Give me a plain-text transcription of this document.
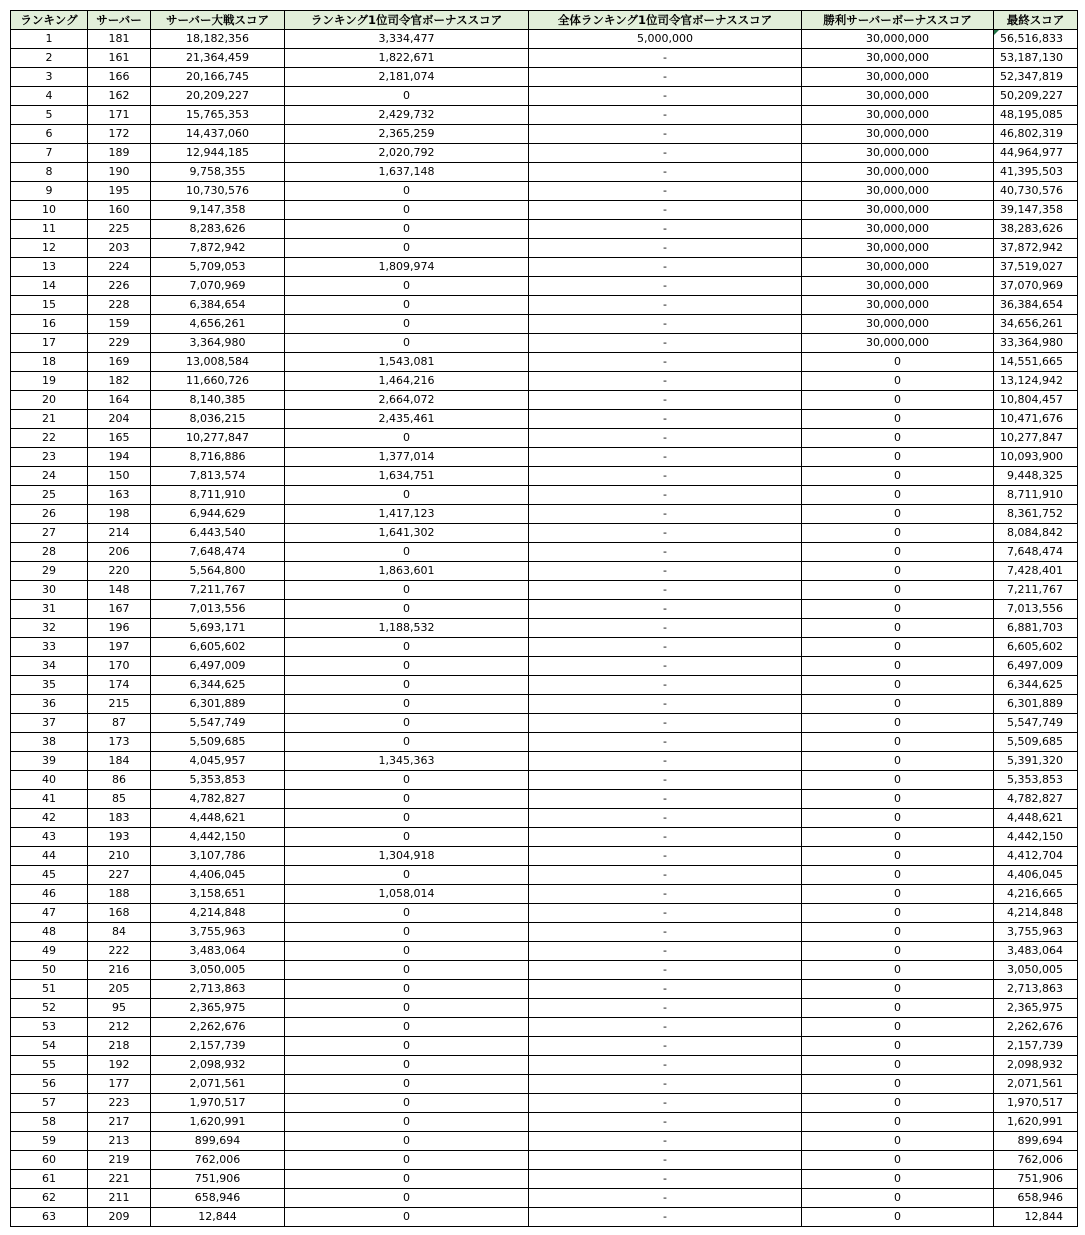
ランキング	サーバー	サーバー大戦スコア	ランキング1位司令官ボーナススコア	全体ランキング1位司令官ボーナススコア	勝利サーバーボーナススコア	最終スコア
1	181	18,182,356	3,334,477	5,000,000	30,000,000	56,516,833

2	161	21,364,459	1,822,671	-	30,000,000	53,187,130
3	166	20,166,745	2,181,074	-	30,000,000	52,347,819
4	162	20,209,227	0	-	30,000,000	50,209,227
5	171	15,765,353	2,429,732	-	30,000,000	48,195,085
6	172	14,437,060	2,365,259	-	30,000,000	46,802,319
7	189	12,944,185	2,020,792	-	30,000,000	44,964,977
8	190	9,758,355	1,637,148	-	30,000,000	41,395,503
9	195	10,730,576	0	-	30,000,000	40,730,576
10	160	9,147,358	0	-	30,000,000	39,147,358
11	225	8,283,626	0	-	30,000,000	38,283,626
12	203	7,872,942	0	-	30,000,000	37,872,942
13	224	5,709,053	1,809,974	-	30,000,000	37,519,027
14	226	7,070,969	0	-	30,000,000	37,070,969
15	228	6,384,654	0	-	30,000,000	36,384,654
16	159	4,656,261	0	-	30,000,000	34,656,261
17	229	3,364,980	0	-	30,000,000	33,364,980
18	169	13,008,584	1,543,081	-	0	14,551,665
19	182	11,660,726	1,464,216	-	0	13,124,942
20	164	8,140,385	2,664,072	-	0	10,804,457
21	204	8,036,215	2,435,461	-	0	10,471,676
22	165	10,277,847	0	-	0	10,277,847
23	194	8,716,886	1,377,014	-	0	10,093,900
24	150	7,813,574	1,634,751	-	0	9,448,325
25	163	8,711,910	0	-	0	8,711,910
26	198	6,944,629	1,417,123	-	0	8,361,752
27	214	6,443,540	1,641,302	-	0	8,084,842
28	206	7,648,474	0	-	0	7,648,474
29	220	5,564,800	1,863,601	-	0	7,428,401
30	148	7,211,767	0	-	0	7,211,767
31	167	7,013,556	0	-	0	7,013,556
32	196	5,693,171	1,188,532	-	0	6,881,703
33	197	6,605,602	0	-	0	6,605,602
34	170	6,497,009	0	-	0	6,497,009
35	174	6,344,625	0	-	0	6,344,625
36	215	6,301,889	0	-	0	6,301,889
37	87	5,547,749	0	-	0	5,547,749
38	173	5,509,685	0	-	0	5,509,685
39	184	4,045,957	1,345,363	-	0	5,391,320
40	86	5,353,853	0	-	0	5,353,853
41	85	4,782,827	0	-	0	4,782,827
42	183	4,448,621	0	-	0	4,448,621
43	193	4,442,150	0	-	0	4,442,150
44	210	3,107,786	1,304,918	-	0	4,412,704
45	227	4,406,045	0	-	0	4,406,045
46	188	3,158,651	1,058,014	-	0	4,216,665
47	168	4,214,848	0	-	0	4,214,848
48	84	3,755,963	0	-	0	3,755,963
49	222	3,483,064	0	-	0	3,483,064
50	216	3,050,005	0	-	0	3,050,005
51	205	2,713,863	0	-	0	2,713,863
52	95	2,365,975	0	-	0	2,365,975
53	212	2,262,676	0	-	0	2,262,676
54	218	2,157,739	0	-	0	2,157,739
55	192	2,098,932	0	-	0	2,098,932
56	177	2,071,561	0	-	0	2,071,561
57	223	1,970,517	0	-	0	1,970,517
58	217	1,620,991	0	-	0	1,620,991
59	213	899,694	0	-	0	899,694
60	219	762,006	0	-	0	762,006
61	221	751,906	0	-	0	751,906
62	211	658,946	0	-	0	658,946
63	209	12,844	0	-	0	12,844
